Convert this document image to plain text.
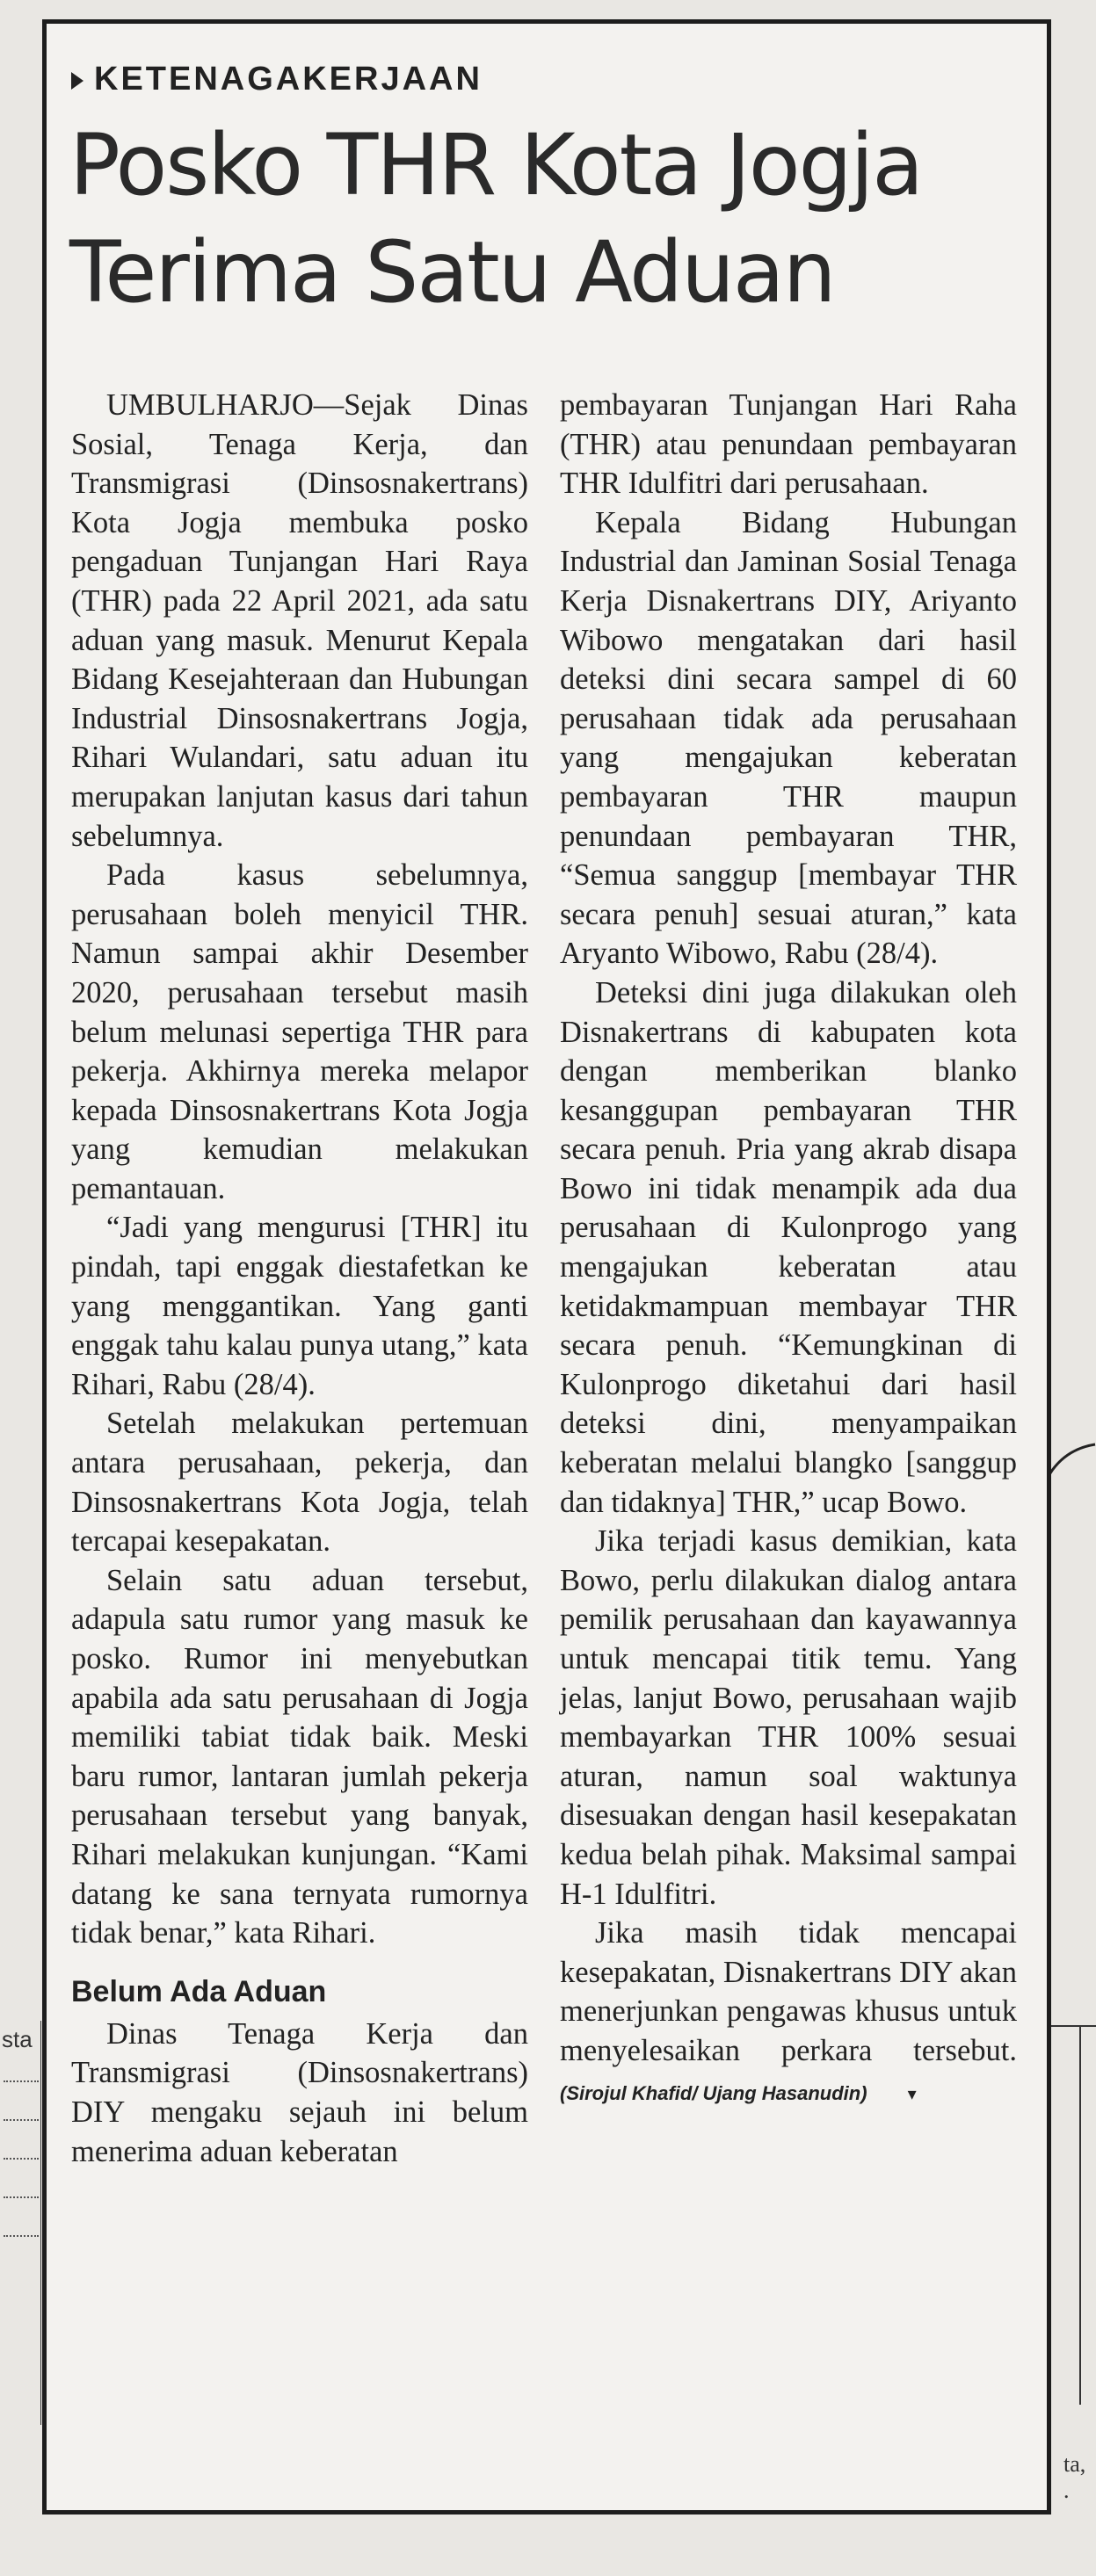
sta
ta, .
KETENAGAKERJAAN
Posko THR Kota Jogja
Terima Satu Aduan

UMBULHARJO—Sejak Dinas Sosial, Tenaga Kerja, dan Transmigrasi (Dinsosnakertrans) Kota Jogja membuka posko pengaduan Tunjangan Hari Raya (THR) pada 22 April 2021, ada satu aduan yang masuk. Menurut Kepala Bidang Kesejahteraan dan Hubungan Industrial Dinsosnakertrans Jogja, Rihari Wulandari, satu aduan itu merupakan lanjutan kasus dari tahun sebelumnya.

Pada kasus sebelumnya, perusahaan boleh menyicil THR. Namun sampai akhir Desember 2020, perusahaan tersebut masih belum melunasi sepertiga THR para pekerja. Akhirnya mereka melapor kepada Dinsosnakertrans Kota Jogja yang kemudian melakukan pemantauan.

“Jadi yang mengurusi [THR] itu pindah, tapi enggak diestafetkan ke yang menggantikan. Yang ganti enggak tahu kalau punya utang,” kata Rihari, Rabu (28/4).

Setelah melakukan pertemuan antara perusahaan, pekerja, dan Dinsosnakertrans Kota Jogja, telah tercapai kesepakatan.

Selain satu aduan tersebut, adapula satu rumor yang masuk ke posko. Rumor ini menyebutkan apabila ada satu perusahaan di Jogja memiliki tabiat tidak baik. Meski baru rumor, lantaran jumlah pekerja perusahaan tersebut yang banyak, Rihari melakukan kunjungan. “Kami datang ke sana ternyata rumornya tidak benar,” kata Rihari.

Belum Ada Aduan

Dinas Tenaga Kerja dan Transmigrasi (Dinsosnakertrans) DIY mengaku sejauh ini belum menerima aduan keberatan

pembayaran Tunjangan Hari Raha (THR) atau penundaan pembayaran THR Idulfitri dari perusahaan.

Kepala Bidang Hubungan Industrial dan Jaminan Sosial Tenaga Kerja Disnakertrans DIY, Ariyanto Wibowo mengatakan dari hasil deteksi dini secara sampel di 60 perusahaan tidak ada perusahaan yang mengajukan keberatan pembayaran THR maupun penundaan pembayaran THR, “Semua sanggup [membayar THR secara penuh] sesuai aturan,” kata Aryanto Wibowo, Rabu (28/4).

Deteksi dini juga dilakukan oleh Disnakertrans di kabupaten kota dengan memberikan blanko kesanggupan pembayaran THR secara penuh. Pria yang akrab disapa Bowo ini tidak menampik ada dua perusahaan di Kulonprogo yang mengajukan keberatan atau ketidakmampuan membayar THR secara penuh. “Kemungkinan di Kulonprogo diketahui dari hasil deteksi dini, menyampaikan keberatan melalui blangko [sanggup dan tidaknya] THR,” ucap Bowo.

Jika terjadi kasus demikian, kata Bowo, perlu dilakukan dialog antara pemilik perusahaan dan kayawannya untuk mencapai titik temu. Yang jelas, lanjut Bowo, perusahaan wajib membayarkan THR 100% sesuai aturan, namun soal waktunya disesuakan dengan hasil kesepakatan kedua belah pihak. Maksimal sampai H-1 Idulfitri.

Jika masih tidak mencapai kesepakatan, Disnakertrans DIY akan menerjunkan pengawas khusus untuk menyelesaikan perkara tersebut. (Sirojul Khafid/ Ujang Hasanudin) ▾
